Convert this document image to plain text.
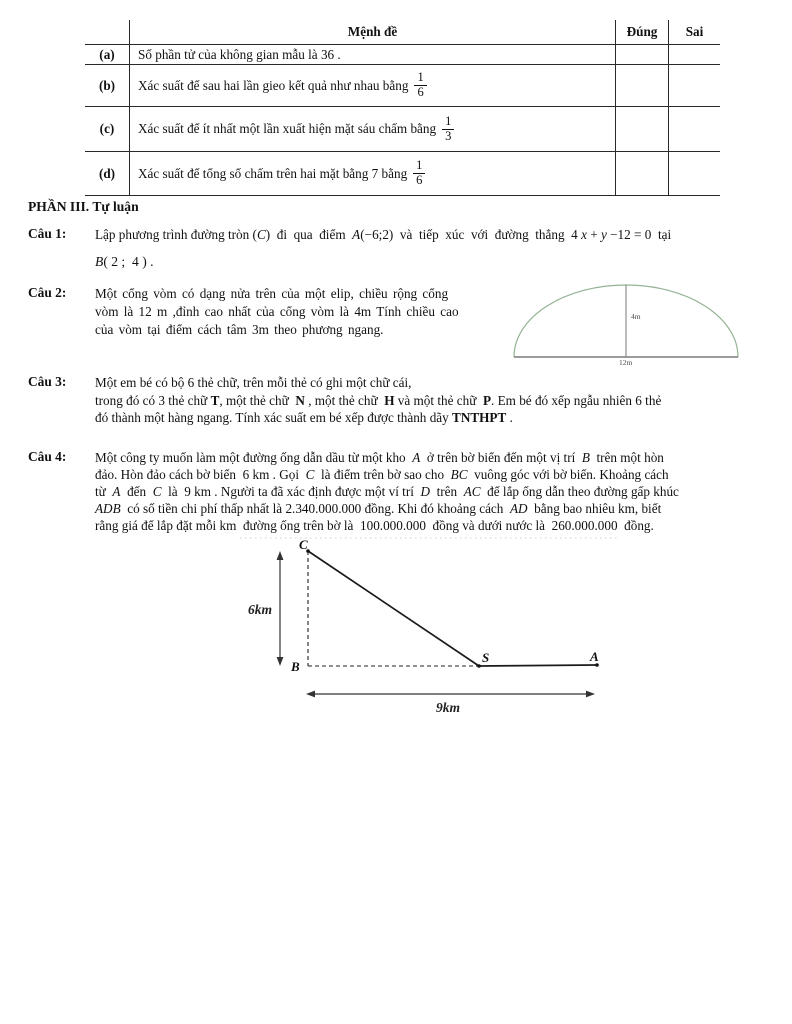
Mệnh đề	Đúng	Sai
(a)	Số phần tử của không gian mẫu là 36 .
(b)	Xác suất để sau hai lần gieo kết quả như nhau bằng $\frac{1}{6}$
(c)	Xác suất để ít nhất một lần xuất hiện mặt sáu chấm bằng $\frac{1}{3}$
(d)	Xác suất để tổng số chấm trên hai mặt bằng 7 bằng $\frac{1}{6}$
PHẦN III. Tự luận
Câu 1: Lập phương trình đường tròn (C)  đi  qua  điểm  A(−6;2)  và  tiếp  xúc  với  đường  thẳng  4 x + y −12 = 0  tại
B( 2 ;  4 ) .
Câu 2: Một cổng vòm có dạng nửa trên của một elip, chiều rộng cổng
vòm là 12 m ,đỉnh cao nhất của cổng vòm là 4m Tính chiều cao
của vòm tại điểm cách tâm 3m theo phương ngang.
4m
12m
Câu 3: Một em bé có bộ 6 thẻ chữ, trên mỗi thẻ có ghi một chữ cái,
trong đó có 3 thẻ chữ T, một thẻ chữ  N , một thẻ chữ  H và một thẻ chữ  P. Em bé đó xếp ngẫu nhiên 6 thẻ
đó thành một hàng ngang. Tính xác suất em bé xếp được thành dãy TNTHPT .
Câu 4: Một công ty muốn làm một đường ống dẫn dầu từ một kho  A  ở trên bờ biển đến một vị trí  B  trên một hòn
đảo. Hòn đảo cách bờ biển  6 km . Gọi  C  là điểm trên bờ sao cho  BC  vuông góc với bờ biển. Khoảng cách
từ  A  đến  C  là  9 km . Người ta đã xác định được một ví trí  D  trên  AC  để lắp ống dẫn theo đường gấp khúc
ADB  có số tiền chi phí thấp nhất là 2.340.000.000 đồng. Khi đó khoảng cách  AD  bằng bao nhiêu km, biết
rằng giá để lắp đặt mỗi km  đường ống trên bờ là  100.000.000  đồng và dưới nước là  260.000.000  đồng.
C
B
S	A
6km
9km
